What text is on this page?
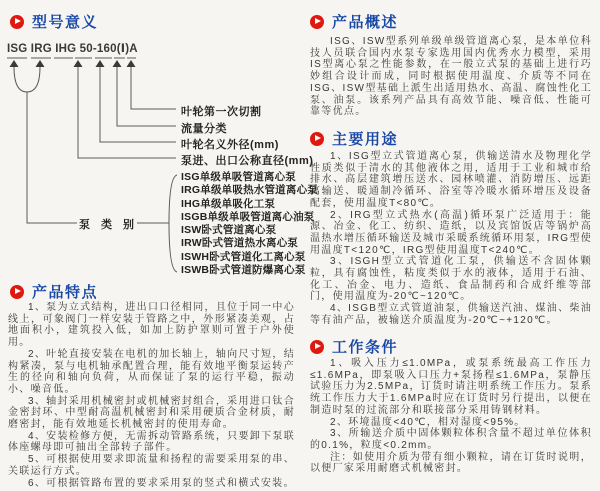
型号意义
ISG IRG IHG 50-160(Ⅰ)A
叶轮第一次切割
流量分类
叶轮名义外径(mm)
泵进、出口公称直径(mm)
泵类别
ISG单级单吸管道离心泵
IRG单级单吸热水管道离心泵
IHG单级单吸化工泵
ISGB单级单吸管道离心油泵
ISW卧式管道离心泵
IRW卧式管道热水离心泵
ISWH卧式管道化工离心泵
ISWB卧式管道防爆离心泵
产品特点

1、泵为立式结构，进出口口径相同，且位于同一中心线上，可象阀门一样安装于管路之中，外形紧凑美观，占地面积小，建筑投入低，如加上防护罩则可置于户外使用。

2、叶轮直接安装在电机的加长轴上，轴向尺寸短，结构紧凑，泵与电机轴承配置合理，能有效地平衡泵运转产生的径向和轴向负荷，从而保证了泵的运行平稳，振动小、噪音低。

3、轴封采用机械密封或机械密封组合，采用进口钛合金密封环、中型耐高温机械密封和采用硬质合金材质，耐磨密封，能有效地延长机械密封的使用寿命。

4、安装检修方便，无需拆动管路系统，只要卸下泵联体座螺母即可抽出全部转子部件。

5、可根据使用要求即流量和扬程的需要采用泵的串、关联运行方式。

6、可根据管路布置的要求采用泵的竖式和横式安装。

产品概述

ISG、ISW型系列单级单级管道离心泵，是本单位科技人员联合国内水泵专家选用国内优秀水力模型，采用IS型离心泵之性能参数，在一般立式泵的基础上进行巧妙组合设计而成，同时根据使用温度、介质等不同在ISG、ISW型基础上派生出适用热水、高温、腐蚀性化工泵、油泵。该系列产品具有高效节能、噪音低、性能可靠等优点。

主要用途

1、ISG型立式管道离心泵，供输送清水及物理化学性质类似于清水的其他液体之用，适用于工业和城市给排水、高层建筑增压送水、园林喷灌、消防增压、远距离输送、暖通制冷循环、浴室等冷暖水循环增压及设备配套，使用温度T<80℃。

2、IRG型立式热水(高温)循环泵广泛适用于：能源、冶金、化工、纺织、造纸，以及宾馆饭店等锅炉高温热水增压循环输送及城市采暖系统循环用泵，IRG型使用温度T<120℃，IRG型使用温度T<240℃。

3、ISGH型立式管道化工泵，供输送不含固体颗粒，具有腐蚀性，粘度类似于水的液体，适用于石油、化工、冶金、电力、造纸、食品制药和合成纤维等部门，使用温度为-20℃~120℃。

4、ISGB型立式管道油泵，供输送汽油、煤油、柴油等有油产品，被输送介质温度为-20℃~+120℃。

工作条件

1、吸入压力≤1.0MPa，或泵系统最高工作压力≤1.6MPa，即泵吸入口压力+泵扬程≤1.6MPa，泵静压试验压力为2.5MPa，订货时请注明系统工作压力。泵系统工作压力大于1.6MPa时应在订货时另行提出，以便在制造时泵的过流部分和联接部分采用铸钢材料。

2、环境温度<40℃，相对湿度<95%。

3、所输送介质中固体颗粒体积含量不超过单位体积的0.1%，粒度<0.2mm。

注：如使用介质为带有细小颗粒，请在订货时说明，以便厂家采用耐磨式机械密封。
